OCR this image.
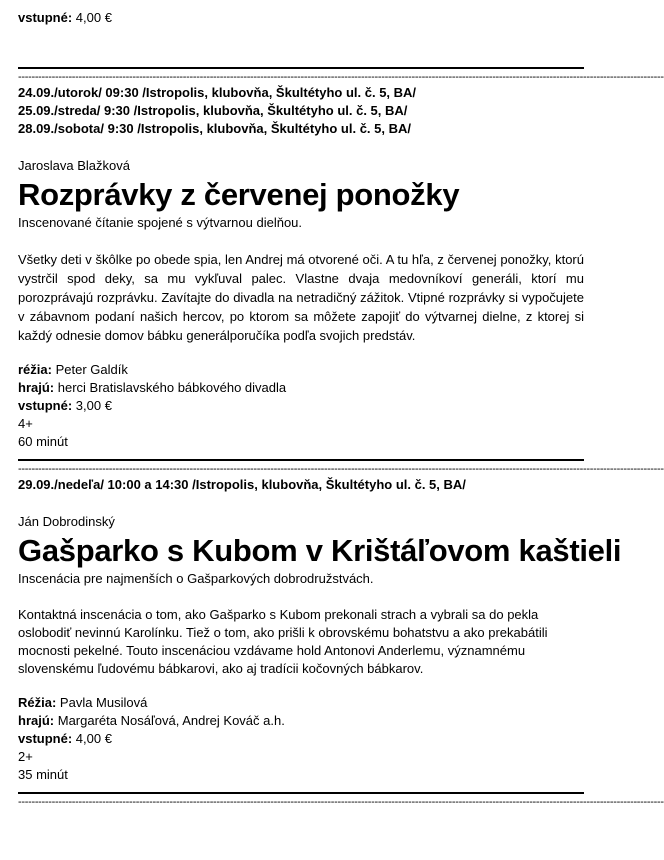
vstupné: 4,00 €
------------------------------------------------------------------------------------------------------------------------------------------------------------------------------------------------
24.09./utorok/ 09:30 /Istropolis, klubovňa, Škultétyho ul. č. 5, BA/
25.09./streda/ 9:30 /Istropolis, klubovňa, Škultétyho ul. č. 5, BA/
28.09./sobota/ 9:30 /Istropolis, klubovňa, Škultétyho ul. č. 5, BA/
Jaroslava Blažková
Rozprávky z červenej ponožky
Inscenované čítanie spojené s výtvarnou dielňou.
Všetky deti v škôlke po obede spia, len Andrej má otvorené oči. A tu hľa, z červenej ponožky, ktorú vystrčil spod deky, sa mu vykľuval palec. Vlastne dvaja medovníkoví generáli, ktorí mu porozprávajú rozprávku. Zavítajte do divadla na netradičný zážitok. Vtipné rozprávky si vypočujete v zábavnom podaní našich hercov, po ktorom sa môžete zapojiť do výtvarnej dielne, z ktorej si každý odnesie domov bábku generálporučíka podľa svojich predstáv.
réžia: Peter Galdík
hrajú: herci Bratislavského bábkového divadla
vstupné: 3,00 €
4+
60 minút
------------------------------------------------------------------------------------------------------------------------------------------------------------------------------------------------
29.09./nedeľa/ 10:00 a 14:30 /Istropolis, klubovňa, Škultétyho ul. č. 5, BA/
Ján Dobrodinský
Gašparko s Kubom v Krištáľovom kaštieli
Inscenácia pre najmenších o Gašparkových dobrodružstvách.
Kontaktná inscenácia o tom, ako Gašparko s Kubom prekonali strach a vybrali sa do pekla
oslobodiť nevinnú Karolínku. Tiež o tom, ako prišli k obrovskému bohatstvu a ako prekabátili
mocnosti pekelné. Touto inscenáciou vzdávame hold Antonovi Anderlemu, významnému
slovenskému ľudovému bábkarovi, ako aj tradícii kočovných bábkarov.
Réžia: Pavla Musilová
hrajú: Margaréta Nosáľová, Andrej Kováč a.h.
vstupné: 4,00 €
2+
35 minút
------------------------------------------------------------------------------------------------------------------------------------------------------------------------------------------------
